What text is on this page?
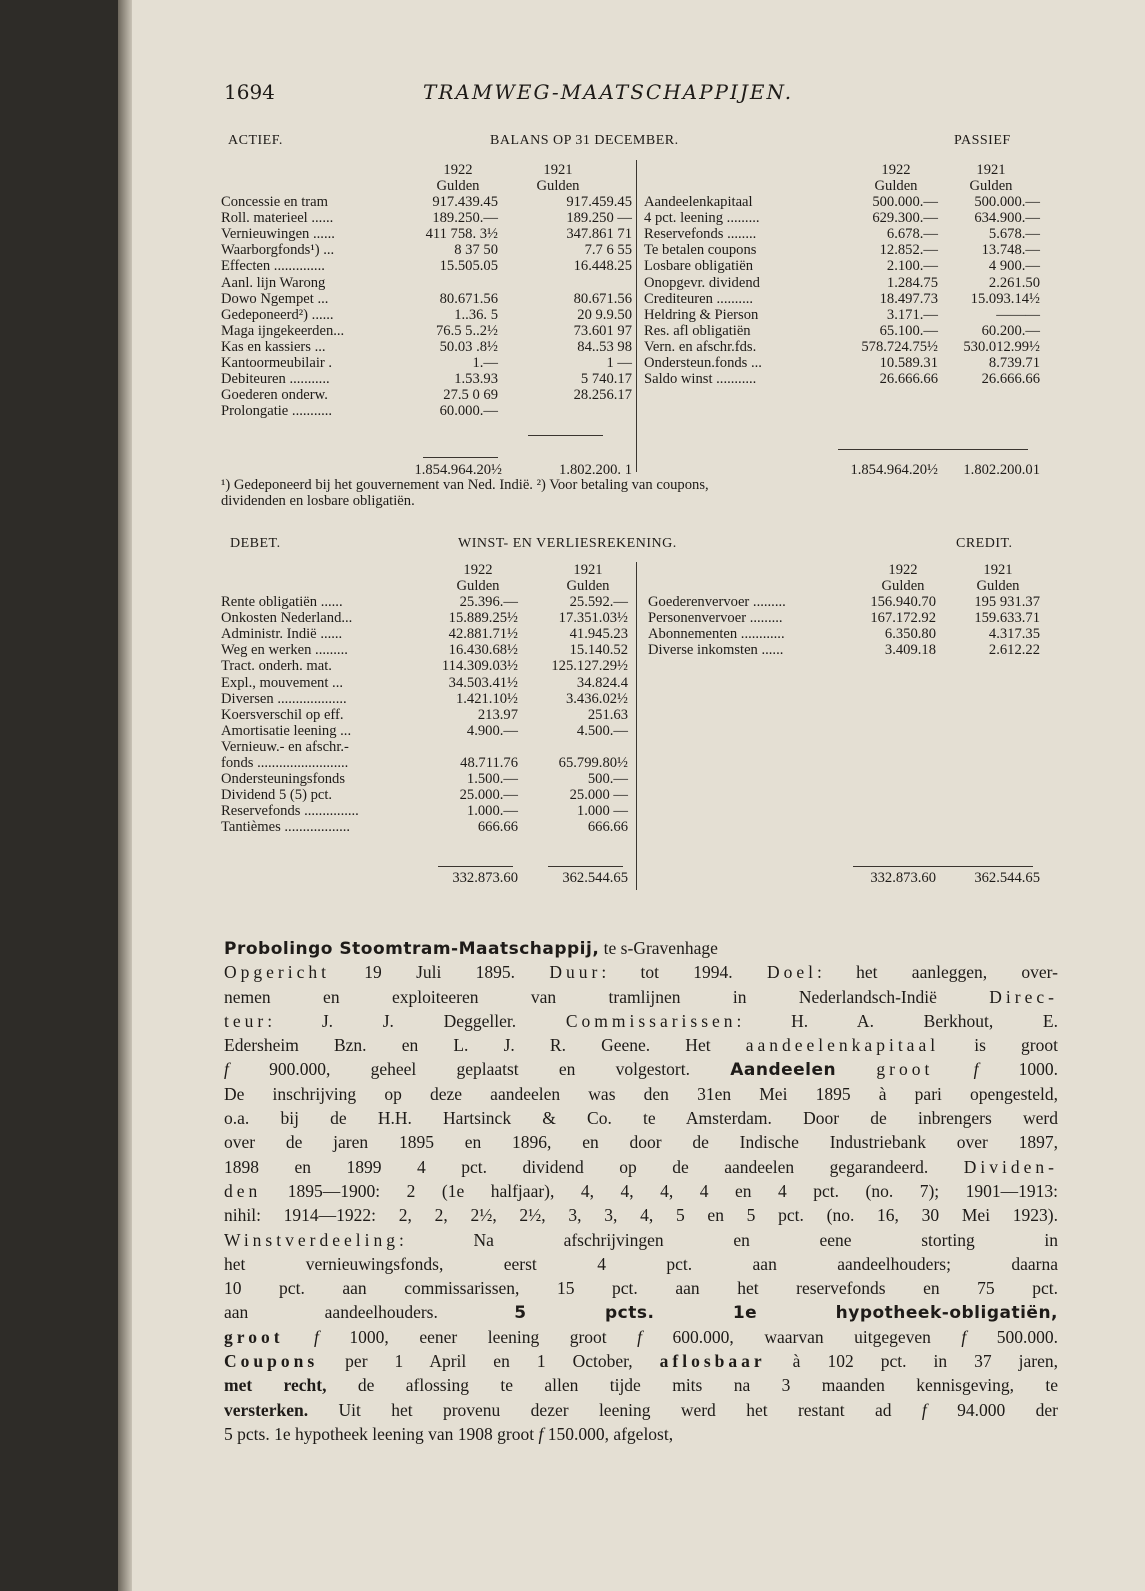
1694	TRAMWEG-MAATSCHAPPIJEN.
ACTIEF.	BALANS OP 31 DECEMBER.	PASSIEF
1922	1921
Gulden	Gulden
1922	1921
Gulden	Gulden
Concessie en tram	917.439.45	917.459.45
Roll. materieel ......	189.250.—	189.250 —
Vernieuwingen ......	411 758. 3½	347.861 71
Waarborgfonds¹) ...	8 37 50	7.7 6 55
Effecten ..............	15.505.05	16.448.25
Aanl. lijn Warong
Dowo Ngempet ...	80.671.56	80.671.56
Gedeponeerd²) ......	1..36. 5	20 9.9.50
Maga ijngekeerden...	76.5 5..2½	73.601 97
Kas en kassiers ...	50.03 .8½	84..53 98
Kantoormeubilair .	1.—	1 —
Debiteuren ...........	1.53.93	5 740.17
Goederen onderw.	27.5 0 69	28.256.17
Prolongatie ...........	60.000.—
Aandeelenkapitaal	500.000.—	500.000.—
4 pct. leening .........	629.300.—	634.900.—
Reservefonds ........	6.678.—	5.678.—
Te betalen coupons	12.852.—	13.748.—
Losbare obligatiën	2.100.—	4 900.—
Onopgevr. dividend	1.284.75	2.261.50
Crediteuren ..........	18.497.73	15.093.14½
Heldring & Pierson	3.171.—	———
Res. afl obligatiën	65.100.—	60.200.—
Vern. en afschr.fds.	578.724.75½	530.012.99½
Ondersteun.fonds ...	10.589.31	8.739.71
Saldo winst ...........	26.666.66	26.666.66
1.854.964.20½	1.802.200. 1	1.854.964.20½	1.802.200.01
¹) Gedeponeerd bij het gouvernement van Ned. Indië. ²) Voor betaling van coupons,
dividenden en losbare obligatiën.
DEBET.	WINST- EN VERLIESREKENING.	CREDIT.
1922	1921
Gulden	Gulden
1922	1921
Gulden	Gulden
Rente obligatiën ......	25.396.—	25.592.—
Onkosten Nederland...	15.889.25½	17.351.03½
Administr. Indië ......	42.881.71½	41.945.23
Weg en werken .........	16.430.68½	15.140.52
Tract. onderh. mat.	114.309.03½	125.127.29½
Expl., mouvement ...	34.503.41½	34.824.4
Diversen ...................	1.421.10½	3.436.02½
Koersverschil op eff.	213.97	251.63
Amortisatie leening ...	4.900.—	4.500.—
Vernieuw.- en afschr.-
fonds .........................	48.711.76	65.799.80½
Ondersteuningsfonds	1.500.—	500.—
Dividend 5 (5) pct.	25.000.—	25.000 —
Reservefonds ...............	1.000.—	1.000 —
Tantièmes ..................	666.66	666.66
Goederenvervoer .........	156.940.70	195 931.37
Personenvervoer .........	167.172.92	159.633.71
Abonnementen ............	6.350.80	4.317.35
Diverse inkomsten ......	3.409.18	2.612.22
332.873.60	362.544.65	332.873.60	362.544.65
Probolingo Stoomtram-Maatschappij, te s-Gravenhage
Opgericht 19 Juli 1895. Duur: tot 1994. Doel: het aanleggen, over-
nemen en exploiteeren van tramlijnen in Nederlandsch-Indië Direc-
teur: J. J. Deggeller. Commissarissen: H. A. Berkhout, E.
Edersheim Bzn. en L. J. R. Geene. Het aandeelenkapitaal is groot
f 900.000, geheel geplaatst en volgestort. Aandeelen groot f 1000.
De inschrijving op deze aandeelen was den 31en Mei 1895 à pari opengesteld,
o.a. bij de H.H. Hartsinck & Co. te Amsterdam. Door de inbrengers werd
over de jaren 1895 en 1896, en door de Indische Industriebank over 1897,
1898 en 1899 4 pct. dividend op de aandeelen gegarandeerd. Dividen-
den 1895—1900: 2 (1e halfjaar), 4, 4, 4, 4 en 4 pct. (no. 7); 1901—1913:
nihil: 1914—1922: 2, 2, 2½, 2½, 3, 3, 4, 5 en 5 pct. (no. 16, 30 Mei 1923).
Winstverdeeling: Na afschrijvingen en eene storting in
het vernieuwingsfonds, eerst 4 pct. aan aandeelhouders; daarna
10 pct. aan commissarissen, 15 pct. aan het reservefonds en 75 pct.
aan aandeelhouders. 5 pcts. 1e hypotheek-obligatiën,
groot f 1000, eener leening groot f 600.000, waarvan uitgegeven f 500.000.
Coupons per 1 April en 1 October, aflosbaar à 102 pct. in 37 jaren,
met recht, de aflossing te allen tijde mits na 3 maanden kennisgeving, te
versterken. Uit het provenu dezer leening werd het restant ad f 94.000 der
5 pcts. 1e hypotheek leening van 1908 groot f 150.000, afgelost,
